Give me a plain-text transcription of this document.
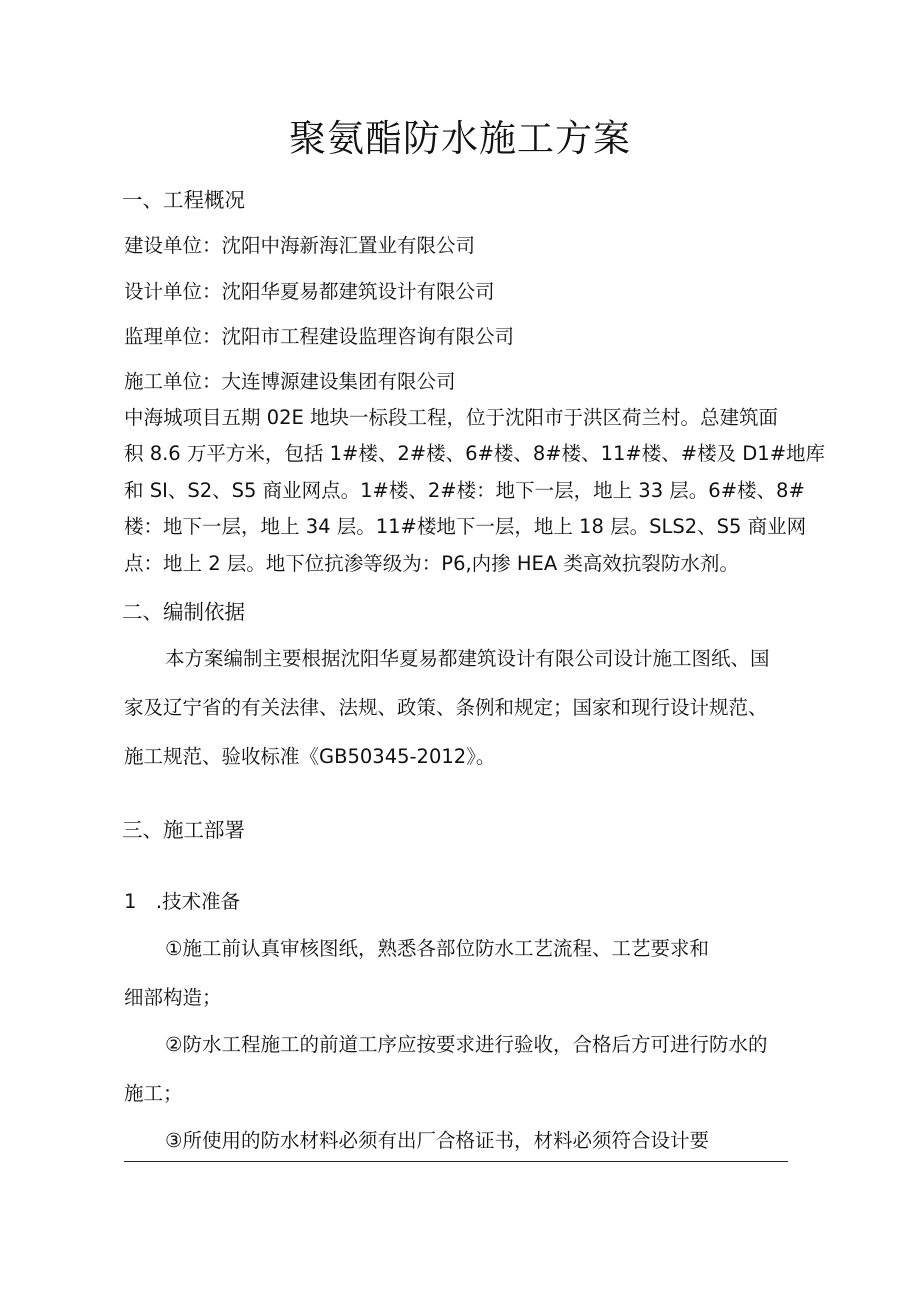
聚氨酯防水施工方案

一、工程概况

建设单位：沈阳中海新海汇置业有限公司

设计单位：沈阳华夏易都建筑设计有限公司

监理单位：沈阳市工程建设监理咨询有限公司

施工单位：大连博源建设集团有限公司

中海城项目五期 02E 地块一标段工程，位于沈阳市于洪区荷兰村。总建筑面

积 8.6 万平方米，包括 1#楼、2#楼、6#楼、8#楼、11#楼、#楼及 D1#地库

和 SI、S2、S5 商业网点。1#楼、2#楼：地下一层，地上 33 层。6#楼、8#

楼：地下一层，地上 34 层。11#楼地下一层，地上 18 层。SLS2、S5 商业网

点：地上 2 层。地下位抗渗等级为：P6,内掺 HEA 类高效抗裂防水剂。

二、编制依据

本方案编制主要根据沈阳华夏易都建筑设计有限公司设计施工图纸、国

家及辽宁省的有关法律、法规、政策、条例和规定；国家和现行设计规范、

施工规范、验收标准《GB50345-2012》。

三、施工部署

1　.技术准备

①施工前认真审核图纸，熟悉各部位防水工艺流程、工艺要求和

细部构造；

②防水工程施工的前道工序应按要求进行验收，合格后方可进行防水的

施工；

③所使用的防水材料必须有出厂合格证书，材料必须符合设计要
